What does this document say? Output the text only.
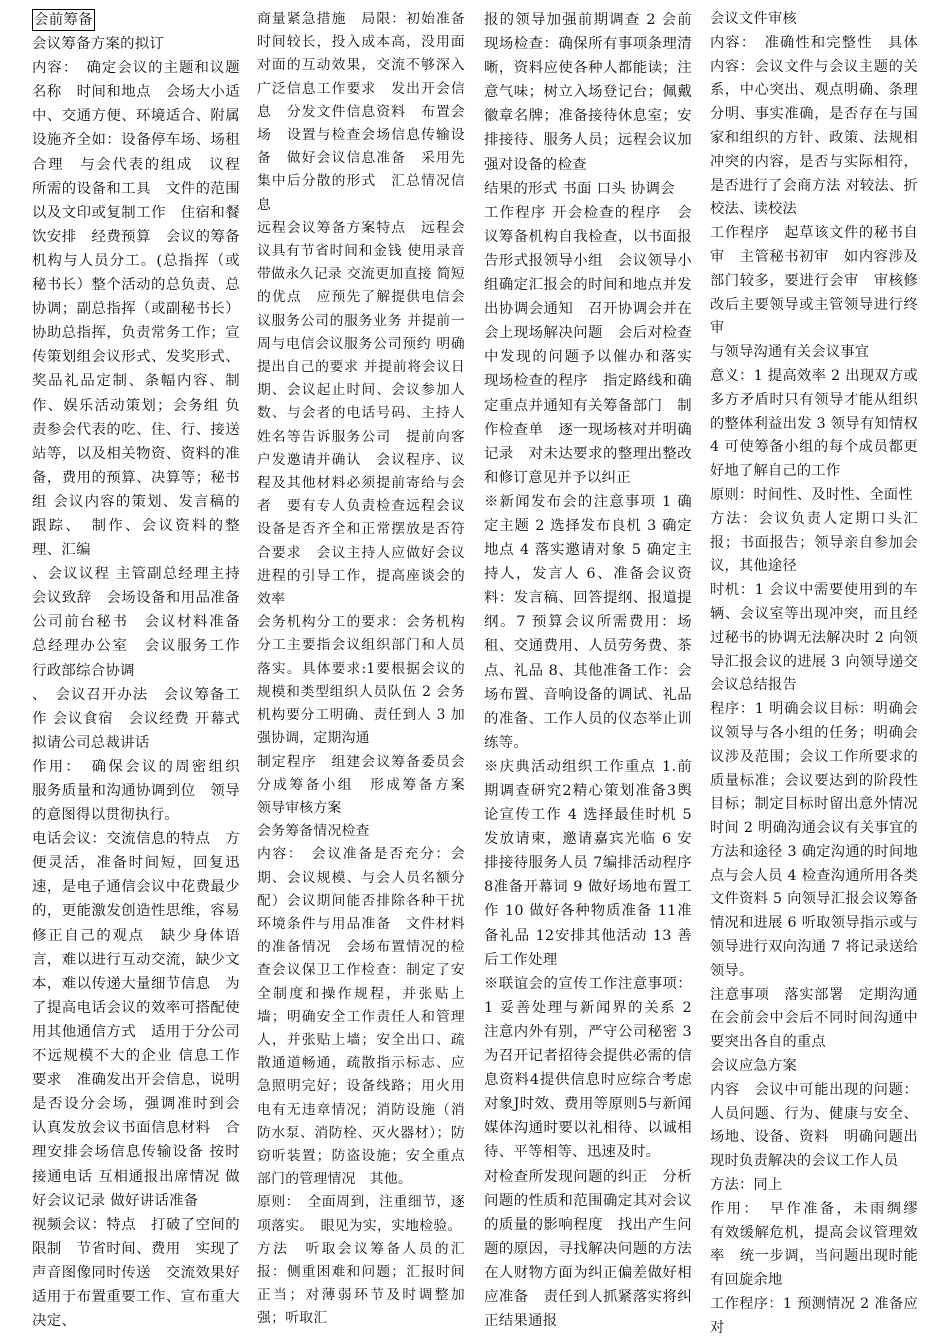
会前筹备

会议筹备方案的拟订

内容：　确定会议的主题和议题　名称　时间和地点　会场大小适中、交通方便、环境适合、附属设施齐全如：设备停车场、场租合理　与会代表的组成　议程　所需的设备和工具　文件的范围以及文印或复制工作　住宿和餐饮安排　经费预算　会议的筹备机构与人员分工。(总指挥（或秘书长）整个活动的总负责、总协调；副总指挥（或副秘书长）协助总指挥，负责常务工作；宣传策划组会议形式、发奖形式、奖品礼品定制、条幅内容、制作、娱乐活动策划；会务组 负责参会代表的吃、住、行、接送站等，以及相关物资、资料的准备，费用的预算、决算等；秘书组 会议内容的策划、发言稿的跟踪、　制作、会议资料的整理、汇编

、会议议程 主管副总经理主持　会议致辞　会场设备和用品准备公司前台秘书　会议材料准备 总经理办公室　会议服务工作 行政部综合协调

、　会议召开办法　会议筹备工作 会议食宿　会议经费 开幕式拟请公司总裁讲话

作用：　确保会议的周密组织　服务质量和沟通协调到位　领导的意图得以贯彻执行。

电话会议：交流信息的特点　方便灵活，准备时间短，回复迅速，是电子通信会议中花费最少的，更能激发创造性思维，容易修正自己的观点　缺少身体语言，难以进行互动交流，缺少文本，难以传递大量细节信息　为了提高电话会议的效率可搭配使用其他通信方式　适用于分公司不远规模不大的企业 信息工作要求　准确发出开会信息，说明是否设分会场，强调准时到会　认真发放会议书面信息材料　合理安排会场信息传输设备 按时接通电话 互相通报出席情况 做好会议记录 做好讲话准备

视频会议：特点　打破了空间的限制　节省时间、费用　实现了声音图像同时传送　交流效果好　适用于布置重要工作、宣布重大决定、

商量紧急措施　局限：初始准备时间较长，投入成本高，没用面对面的互动效果，交流不够深入广泛信息工作要求　发出开会信息　分发文件信息资料　布置会场　设置与检查会场信息传输设备　做好会议信息准备　采用先集中后分散的形式　汇总情况信息

远程会议筹备方案特点　远程会议具有节省时间和金钱 使用录音带做永久记录 交流更加直接 简短的优点　应预先了解提供电信会议服务公司的服务业务 并提前一周与电信会议服务公司预约 明确提出自己的要求 并提前将会议日期、会议起止时间、会议参加人数、与会者的电话号码、主持人姓名等告诉服务公司　提前向客户发邀请并确认　会议程序、议程及其他材料必须提前寄给与会者　要有专人负责检查远程会议设备是否齐全和正常摆放是否符合要求　会议主持人应做好会议进程的引导工作，提高座谈会的效率

会务机构分工的要求：会务机构分工主要指会议组织部门和人员落实。具体要求:1要根据会议的规模和类型组织人员队伍 2 会务机构要分工明确、责任到人 3 加强协调，定期沟通

制定程序　组建会议筹备委员会　分成筹备小组　形成筹备方案　领导审核方案

会务筹备情况检查

内容：　会议准备是否充分：会期、会议规模、与会人员名额分配）会议期间能否排除各种干扰　环境条件与用品准备　文件材料的准备情况　会场布置情况的检查会议保卫工作检查：制定了安全制度和操作规程，并张贴上墙；明确安全工作责任人和管理人，并张贴上墙；安全出口、疏散通道畅通，疏散指示标志、应急照明完好；设备线路；用火用电有无违章情况；消防设施（消防水泵、消防栓、灭火器材）；防窃听装置；防盗设施；安全重点部门的管理情况　其他。

原则：　全面周到，注重细节，逐项落实。　眼见为实，实地检验。

方法　听取会议筹备人员的汇报：侧重困难和问题；汇报时间正当；对薄弱环节及时调整加强；听取汇

报的领导加强前期调查 2 会前现场检查：确保所有事项条理清晰，资料应使各种人都能读；注意气味；树立入场登记台；佩戴徽章名牌；准备接待休息室；安排接待、服务人员；远程会议加强对设备的检查

结果的形式 书面 口头 协调会

工作程序 开会检查的程序　会议筹备机构自我检查，以书面报告形式报领导小组　会议领导小组确定汇报会的时间和地点并发出协调会通知　召开协调会并在会上现场解决问题　会后对检查中发现的问题予以催办和落实 现场检查的程序　指定路线和确定重点并通知有关筹备部门　制作检查单　逐一现场核对并明确记录　对未达要求的整理出整改和修订意见并予以纠正

※新闻发布会的注意事项 1 确定主题 2 选择发布良机 3 确定地点 4 落实邀请对象 5 确定主持人，发言人 6、准备会议资料：发言稿、回答提纲、报道提纲。7 预算会议所需费用：场租、交通费用、人员劳务费、茶点、礼品 8、其他准备工作：会场布置、音响设备的调试、礼品的准备、工作人员的仪态举止训练等。

※庆典活动组织工作重点 1.前期调查研究2精心策划准备3舆论宣传工作 4 选择最佳时机 5 发放请柬，邀请嘉宾光临 6 安排接待服务人员 7编排活动程序8准备开幕词 9 做好场地布置工作 10 做好各种物质准备 11准备礼品 12安排其他活动 13 善后工作处理

※联谊会的宣传工作注意事项：1 妥善处理与新闻界的关系 2 注意内外有别，严守公司秘密 3 为召开记者招待会提供必需的信息资料4提供信息时应综合考虑对象J时效、费用等原则5与新闻媒体沟通时要以礼相待、以诚相待、平等相等、迅速及时。

对检查所发现问题的纠正　分析问题的性质和范围确定其对会议的质量的影响程度　找出产生问题的原因，寻找解决问题的方法　在人财物方面为纠正偏差做好相应准备　责任到人抓紧落实将纠正结果通报

会议文件审核

内容：　准确性和完整性　具体内容：会议文件与会议主题的关系，中心突出、观点明确、条理分明、事实准确，是否存在与国家和组织的方针、政策、法规相冲突的内容，是否与实际相符，是否进行了会商方法 对较法、折校法、读校法

工作程序　起草该文件的秘书自审　主管秘书初审　如内容涉及部门较多，要进行会审　审核修改后主要领导或主管领导进行终审

与领导沟通有关会议事宜

意义：1 提高效率 2 出现双方或多方矛盾时只有领导才能从组织的整体利益出发 3 领导有知情权 4 可使筹备小组的每个成员都更好地了解自己的工作

原则：时间性、及时性、全面性

方法：会议负责人定期口头汇报；书面报告；领导亲自参加会议，其他途径

时机：1 会议中需要使用到的车辆、会议室等出现冲突，而且经过秘书的协调无法解决时 2 向领导汇报会议的进展 3 向领导递交会议总结报告

程序：1 明确会议目标：明确会议领导与各小组的任务；明确会议涉及范围；会议工作所要求的质量标准；会议要达到的阶段性目标；制定目标时留出意外情况时间 2 明确沟通会议有关事宜的方法和途径 3 确定沟通的时间地点与会人员 4 检查沟通所用各类文件资料 5 向领导汇报会议筹备情况和进展 6 听取领导指示或与领导进行双向沟通 7 将记录送给领导。

注意事项　落实部署　定期沟通　在会前会中会后不同时间沟通中要突出各自的重点

会议应急方案

内容　会议中可能出现的问题：人员问题、行为、健康与安全、场地、设备、资料　明确问题出现时负责解决的会议工作人员

方法：同上

作用：　早作准备，未雨绸缪　有效缓解危机，提高会议管理效率　统一步调，当问题出现时能有回旋余地

工作程序：1 预测情况 2 准备应对
